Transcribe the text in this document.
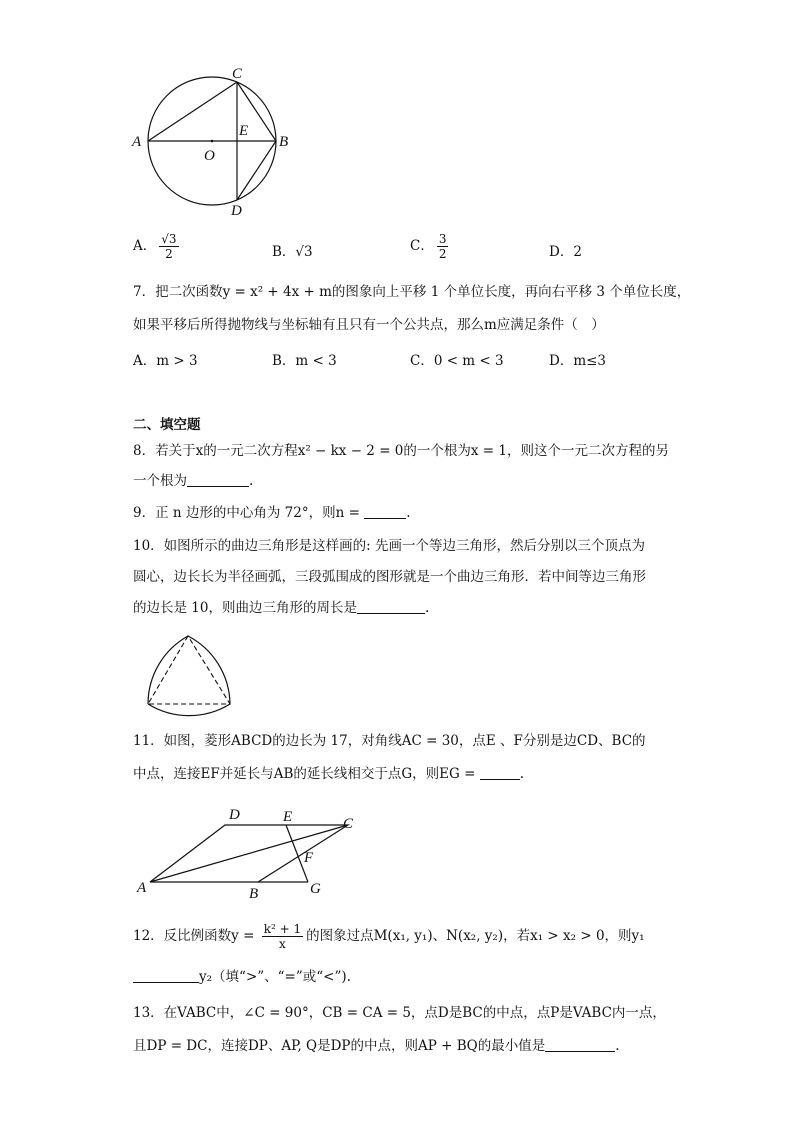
C
A
E
B
O
D
A． $\frac{√3}{2}$	B．√3	C． $\frac{3}{2}$	D．2
7．把二次函数y = x² + 4x + m的图象向上平移 1 个单位长度，再向右平移 3 个单位长度，
如果平移后所得抛物线与坐标轴有且只有一个公共点，那么m应满足条件（　）
A．m > 3	B．m < 3	C．0 < m < 3	D．m≤3
二、填空题
8．若关于x的一元二次方程x² − kx − 2 = 0的一个根为x = 1，则这个一元二次方程的另
一个根为	.
9．正 n 边形的中心角为 72°，则n =	.
10．如图所示的曲边三角形是这样画的: 先画一个等边三角形，然后分别以三个顶点为
圆心，边长长为半径画弧，三段弧围成的图形就是一个曲边三角形．若中间等边三角形
的边长是 10，则曲边三角形的周长是	.
11．如图，菱形ABCD的边长为 17，对角线AC = 30，点E 、F分别是边CD、BC的
中点，连接EF并延长与AB的延长线相交于点G，则EG =	.
D	E	C
F
A	B	G
12．反比例函数$y = \frac{\text{k² + 1}}{x}$ 的图象过点M(x₁, y₁)、N(x₂, y₂)，若x₁ > x₂ > 0，则y₁
y₂（填“>”、“=”或“<”).
13．在VABC中，∠C = 90°，CB = CA = 5，点D是BC的中点，点P是VABC内一点，
且DP = DC，连接DP、AP, Q是DP的中点，则AP + BQ的最小值是	.
